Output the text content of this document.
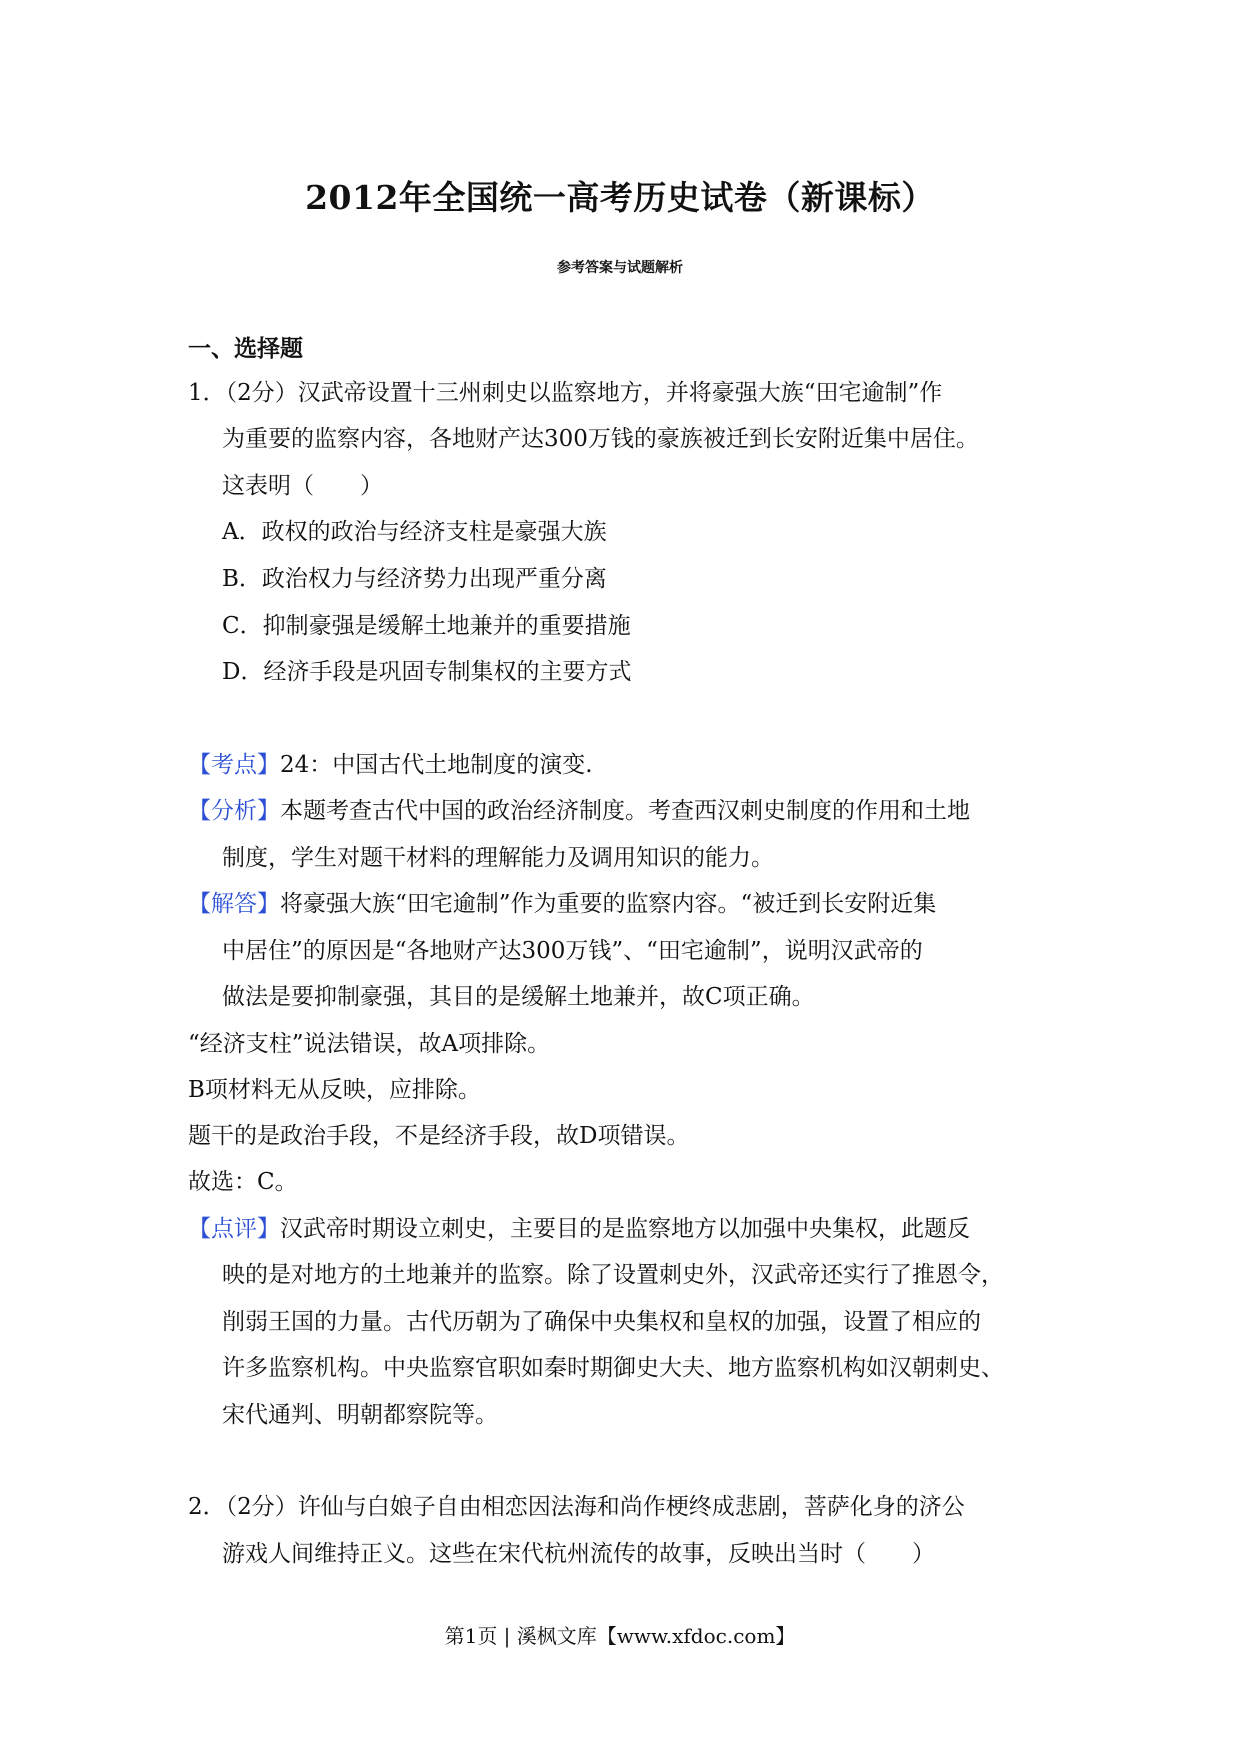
2012年全国统一高考历史试卷（新课标）
参考答案与试题解析
一、选择题
1．（2分）汉武帝设置十三州刺史以监察地方，并将豪强大族“田宅逾制”作
为重要的监察内容，各地财产达300万钱的豪族被迁到长安附近集中居住。
这表明（　　）
A．政权的政治与经济支柱是豪强大族
B．政治权力与经济势力出现严重分离
C．抑制豪强是缓解土地兼并的重要措施
D．经济手段是巩固专制集权的主要方式
【考点】24：中国古代土地制度的演变.
【分析】本题考查古代中国的政治经济制度。考查西汉刺史制度的作用和土地
制度，学生对题干材料的理解能力及调用知识的能力。
【解答】将豪强大族“田宅逾制”作为重要的监察内容。“被迁到长安附近集
中居住”的原因是“各地财产达300万钱”、“田宅逾制”，说明汉武帝的
做法是要抑制豪强，其目的是缓解土地兼并，故C项正确。
“经济支柱”说法错误，故A项排除。
B项材料无从反映，应排除。
题干的是政治手段，不是经济手段，故D项错误。
故选：C。
【点评】汉武帝时期设立刺史，主要目的是监察地方以加强中央集权，此题反
映的是对地方的土地兼并的监察。除了设置刺史外，汉武帝还实行了推恩令，
削弱王国的力量。古代历朝为了确保中央集权和皇权的加强，设置了相应的
许多监察机构。中央监察官职如秦时期御史大夫、地方监察机构如汉朝刺史、
宋代通判、明朝都察院等。
2．（2分）许仙与白娘子自由相恋因法海和尚作梗终成悲剧，菩萨化身的济公
游戏人间维持正义。这些在宋代杭州流传的故事，反映出当时（　　）
第1页 | 溪枫文库【www.xfdoc.com】
